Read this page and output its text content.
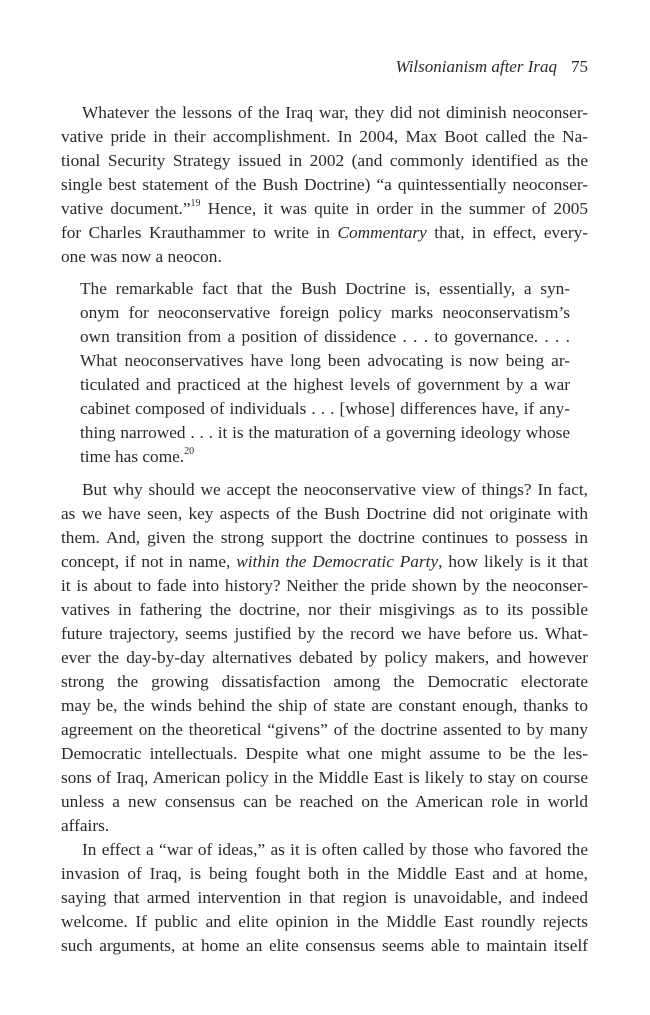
Wilsonianism after Iraq 75
Whatever the lessons of the Iraq war, they did not diminish neoconser-
vative pride in their accomplishment. In 2004, Max Boot called the Na-
tional Security Strategy issued in 2002 (and commonly identified as the
single best statement of the Bush Doctrine) “a quintessentially neoconser-
vative document.”$^{19}$ Hence, it was quite in order in the summer of 2005
for Charles Krauthammer to write in Commentary that, in effect, every-
one was now a neocon.
The remarkable fact that the Bush Doctrine is, essentially, a syn-
onym for neoconservative foreign policy marks neoconservatism’s
own transition from a position of dissidence . . . to governance. . . .
What neoconservatives have long been advocating is now being ar-
ticulated and practiced at the highest levels of government by a war
cabinet composed of individuals . . . [whose] differences have, if any-
thing narrowed . . . it is the maturation of a governing ideology whose
time has come.$^{20}$
But why should we accept the neoconservative view of things? In fact,
as we have seen, key aspects of the Bush Doctrine did not originate with
them. And, given the strong support the doctrine continues to possess in
concept, if not in name, within the Democratic Party, how likely is it that
it is about to fade into history? Neither the pride shown by the neoconser-
vatives in fathering the doctrine, nor their misgivings as to its possible
future trajectory, seems justified by the record we have before us. What-
ever the day-by-day alternatives debated by policy makers, and however
strong the growing dissatisfaction among the Democratic electorate
may be, the winds behind the ship of state are constant enough, thanks to
agreement on the theoretical “givens” of the doctrine assented to by many
Democratic intellectuals. Despite what one might assume to be the les-
sons of Iraq, American policy in the Middle East is likely to stay on course
unless a new consensus can be reached on the American role in world
affairs.
In effect a “war of ideas,” as it is often called by those who favored the
invasion of Iraq, is being fought both in the Middle East and at home,
saying that armed intervention in that region is unavoidable, and indeed
welcome. If public and elite opinion in the Middle East roundly rejects
such arguments, at home an elite consensus seems able to maintain itself
